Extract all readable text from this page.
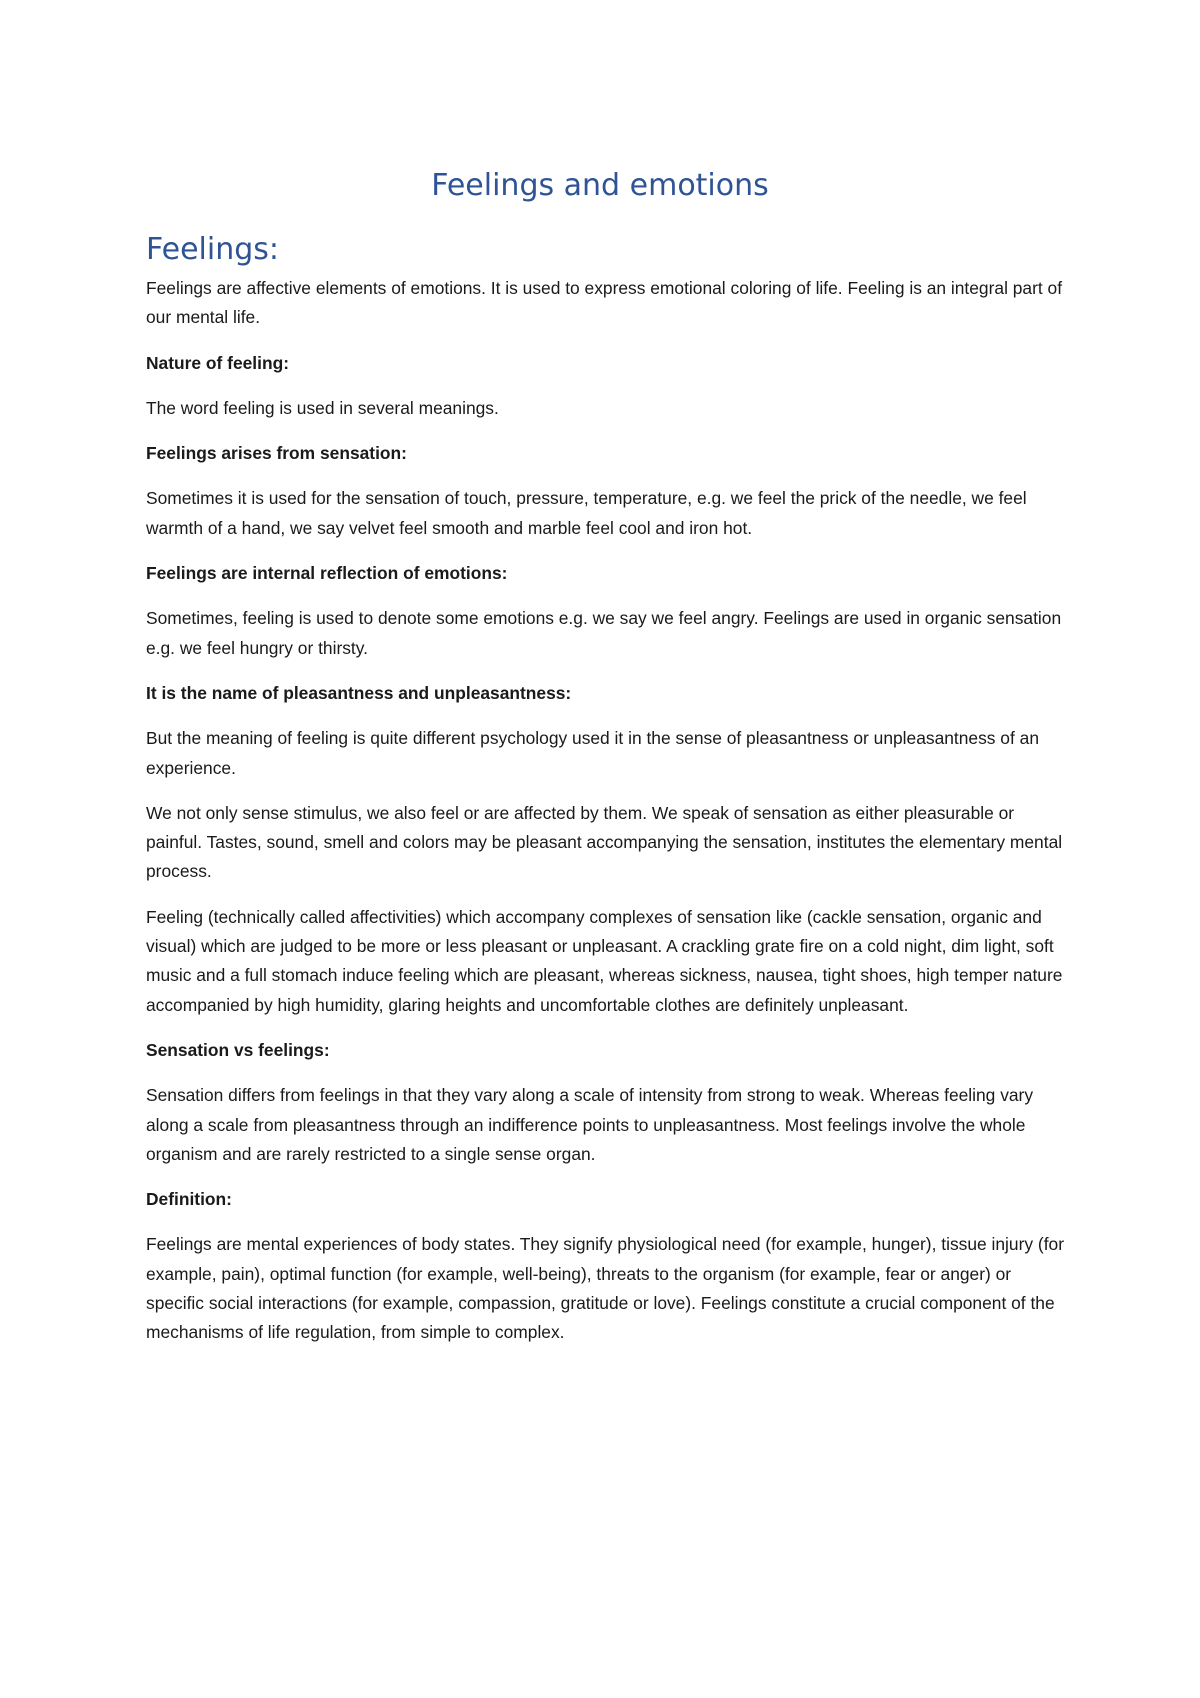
Feelings and emotions
Feelings:

Feelings are affective elements of emotions. It is used to express emotional coloring of life. Feeling is an integral part of our mental life.

Nature of feeling:

The word feeling is used in several meanings.

Feelings arises from sensation:

Sometimes it is used for the sensation of touch, pressure, temperature, e.g. we feel the prick of the needle, we feel warmth of a hand, we say velvet feel smooth and marble feel cool and iron hot.

Feelings are internal reflection of emotions:

Sometimes, feeling is used to denote some emotions e.g. we say we feel angry. Feelings are used in organic sensation e.g. we feel hungry or thirsty.

It is the name of pleasantness and unpleasantness:

But the meaning of feeling is quite different psychology used it in the sense of pleasantness or unpleasantness of an experience.

We not only sense stimulus, we also feel or are affected by them. We speak of sensation as either pleasurable or painful. Tastes, sound, smell and colors may be pleasant accompanying the sensation, institutes the elementary mental process.

Feeling (technically called affectivities) which accompany complexes of sensation like (cackle sensation, organic and visual) which are judged to be more or less pleasant or unpleasant. A crackling grate fire on a cold night, dim light, soft music and a full stomach induce feeling which are pleasant, whereas sickness, nausea, tight shoes, high temper nature accompanied by high humidity, glaring heights and uncomfortable clothes are definitely unpleasant.

Sensation vs feelings:

Sensation differs from feelings in that they vary along a scale of intensity from strong to weak. Whereas feeling vary along a scale from pleasantness through an indifference points to unpleasantness. Most feelings involve the whole organism and are rarely restricted to a single sense organ.

Definition:

Feelings are mental experiences of body states. They signify physiological need (for example, hunger), tissue injury (for example, pain), optimal function (for example, well-being), threats to the organism (for example, fear or anger) or specific social interactions (for example, compassion, gratitude or love). Feelings constitute a crucial component of the mechanisms of life regulation, from simple to complex.
